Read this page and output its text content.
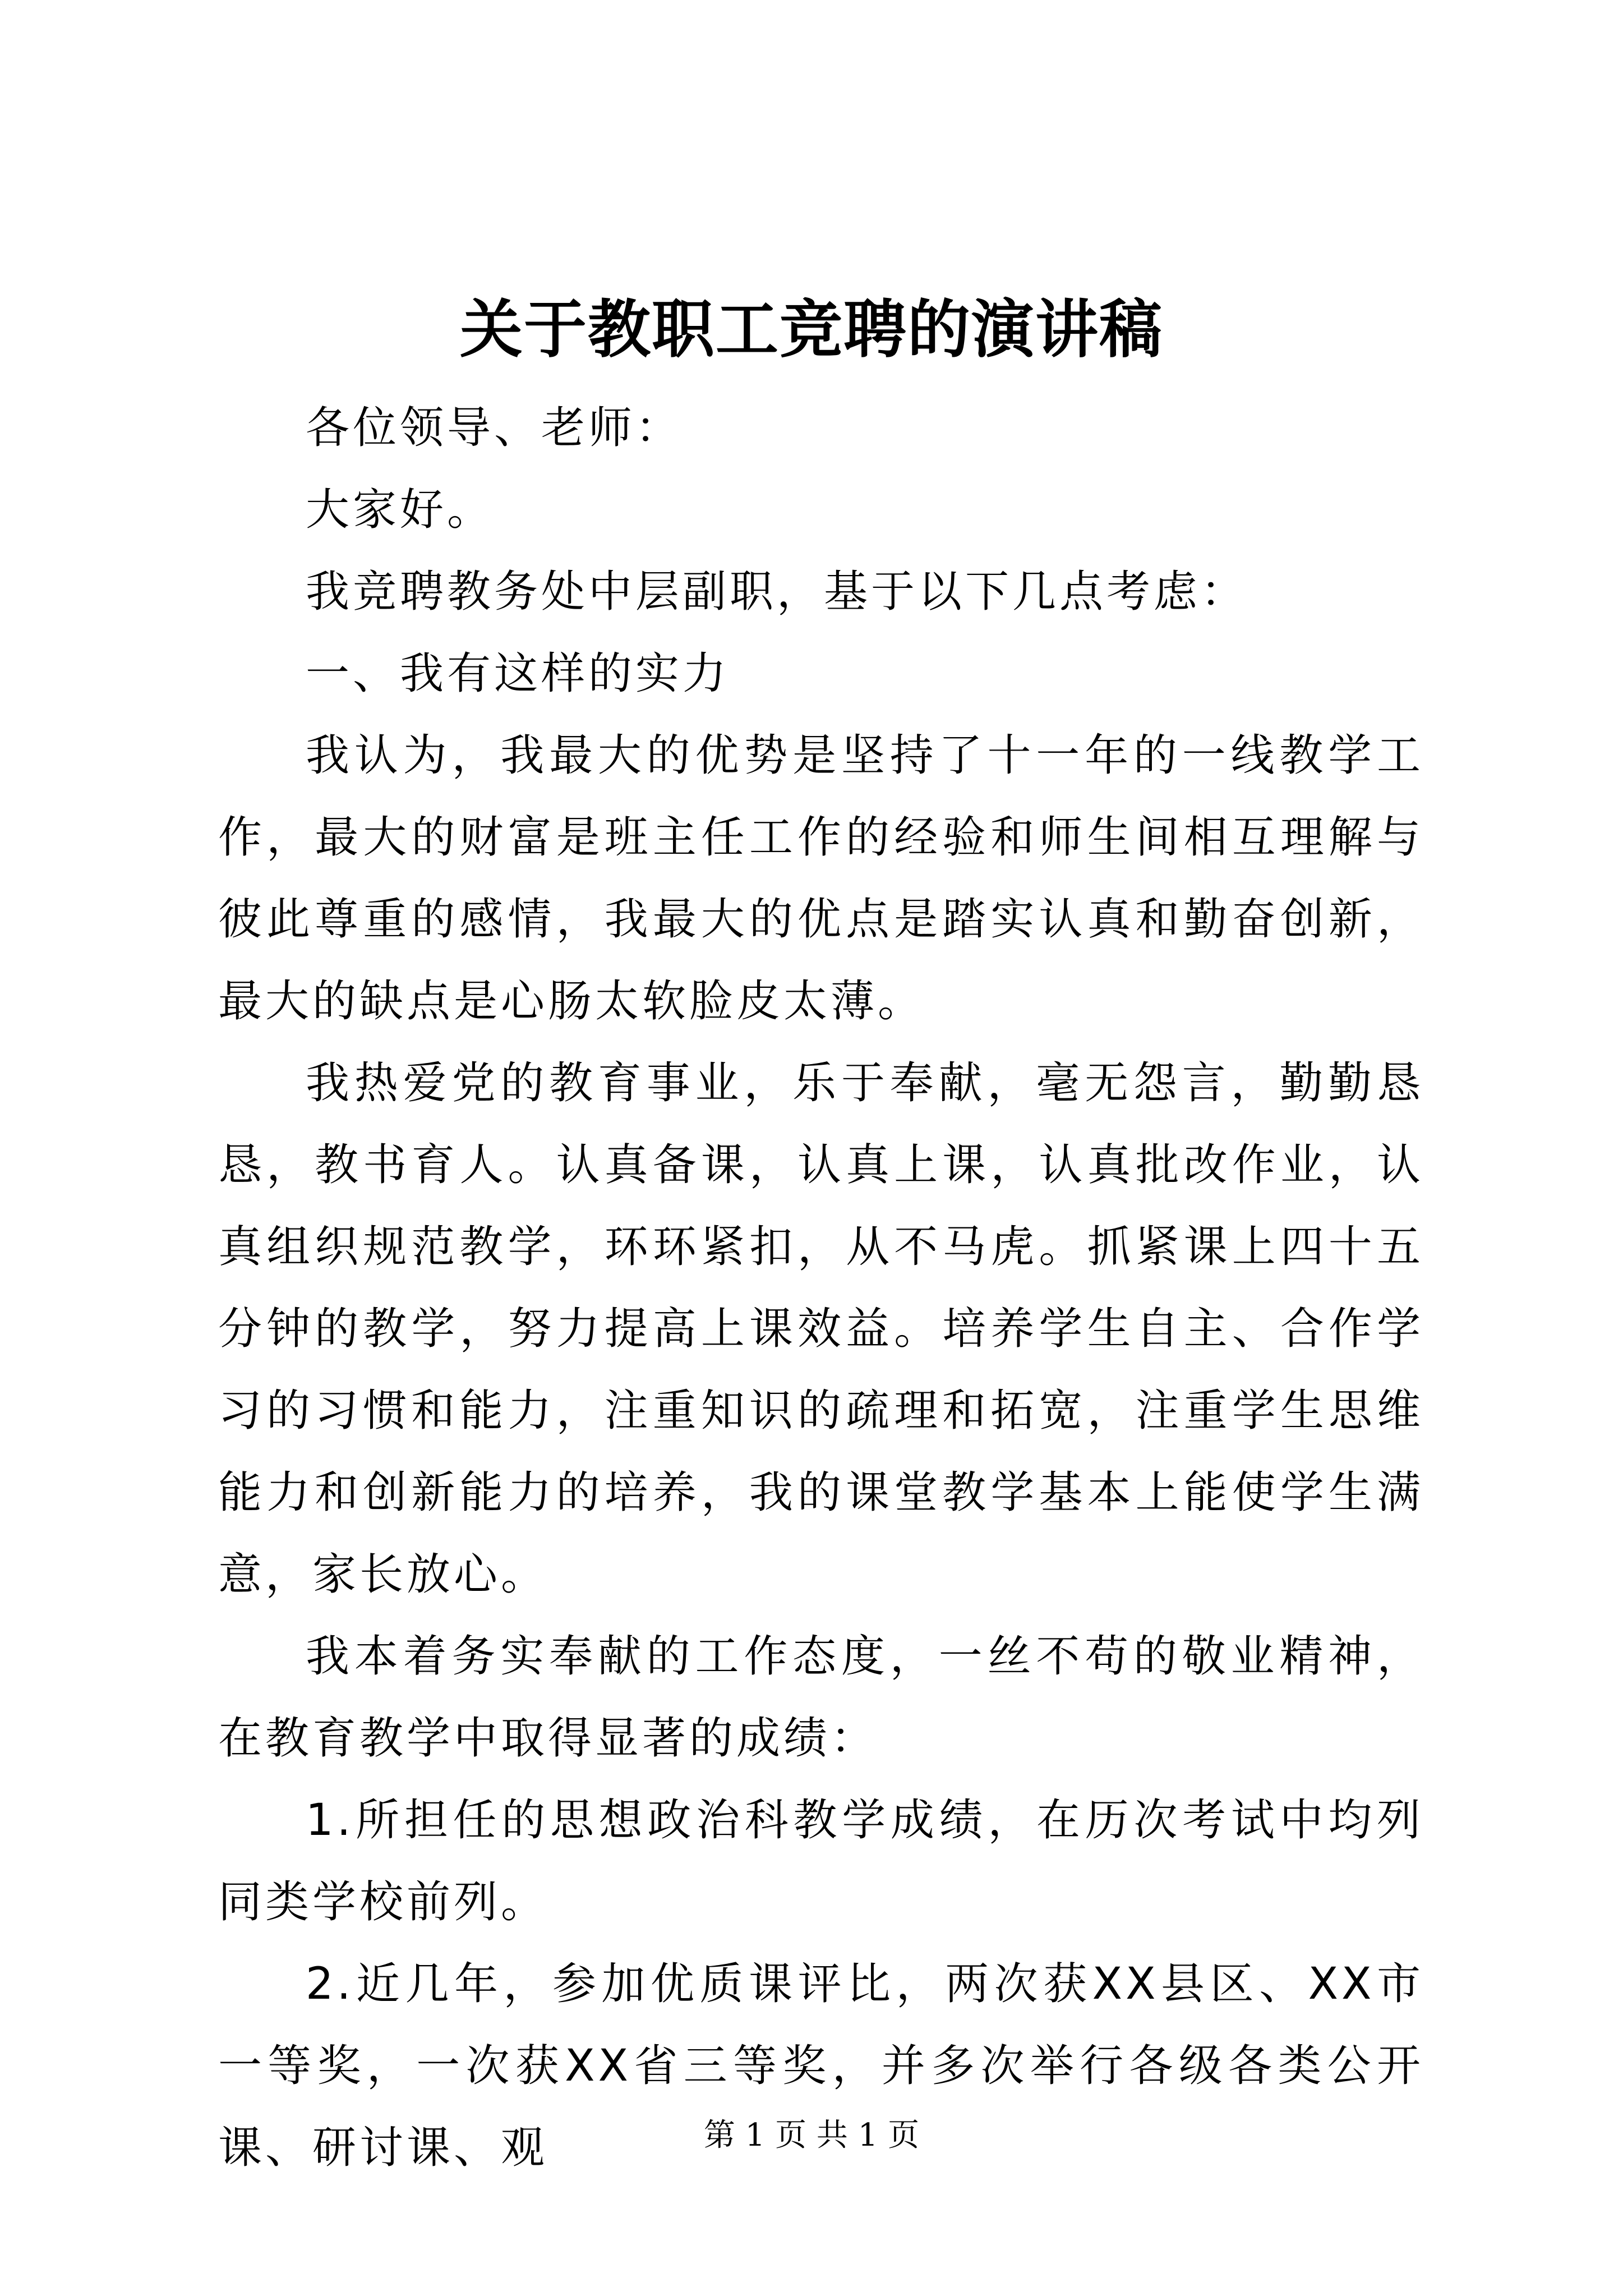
关于教职工竞聘的演讲稿

各位领导、老师：

大家好。

我竞聘教务处中层副职，基于以下几点考虑：

一、我有这样的实力

我认为，我最大的优势是坚持了十一年的一线教学工作，最大的财富是班主任工作的经验和师生间相互理解与彼此尊重的感情，我最大的优点是踏实认真和勤奋创新，最大的缺点是心肠太软脸皮太薄。

我热爱党的教育事业，乐于奉献，毫无怨言，勤勤恳恳，教书育人。认真备课，认真上课，认真批改作业，认真组织规范教学，环环紧扣，从不马虎。抓紧课上四十五分钟的教学，努力提高上课效益。培养学生自主、合作学习的习惯和能力，注重知识的疏理和拓宽，注重学生思维能力和创新能力的培养，我的课堂教学基本上能使学生满意，家长放心。

我本着务实奉献的工作态度，一丝不苟的敬业精神，在教育教学中取得显著的成绩：

1.所担任的思想政治科教学成绩，在历次考试中均列同类学校前列。

2.近几年，参加优质课评比，两次获XX县区、XX市一等奖，一次获XX省三等奖，并多次举行各级各类公开课、研讨课、观	第 1 页 共 1 页
